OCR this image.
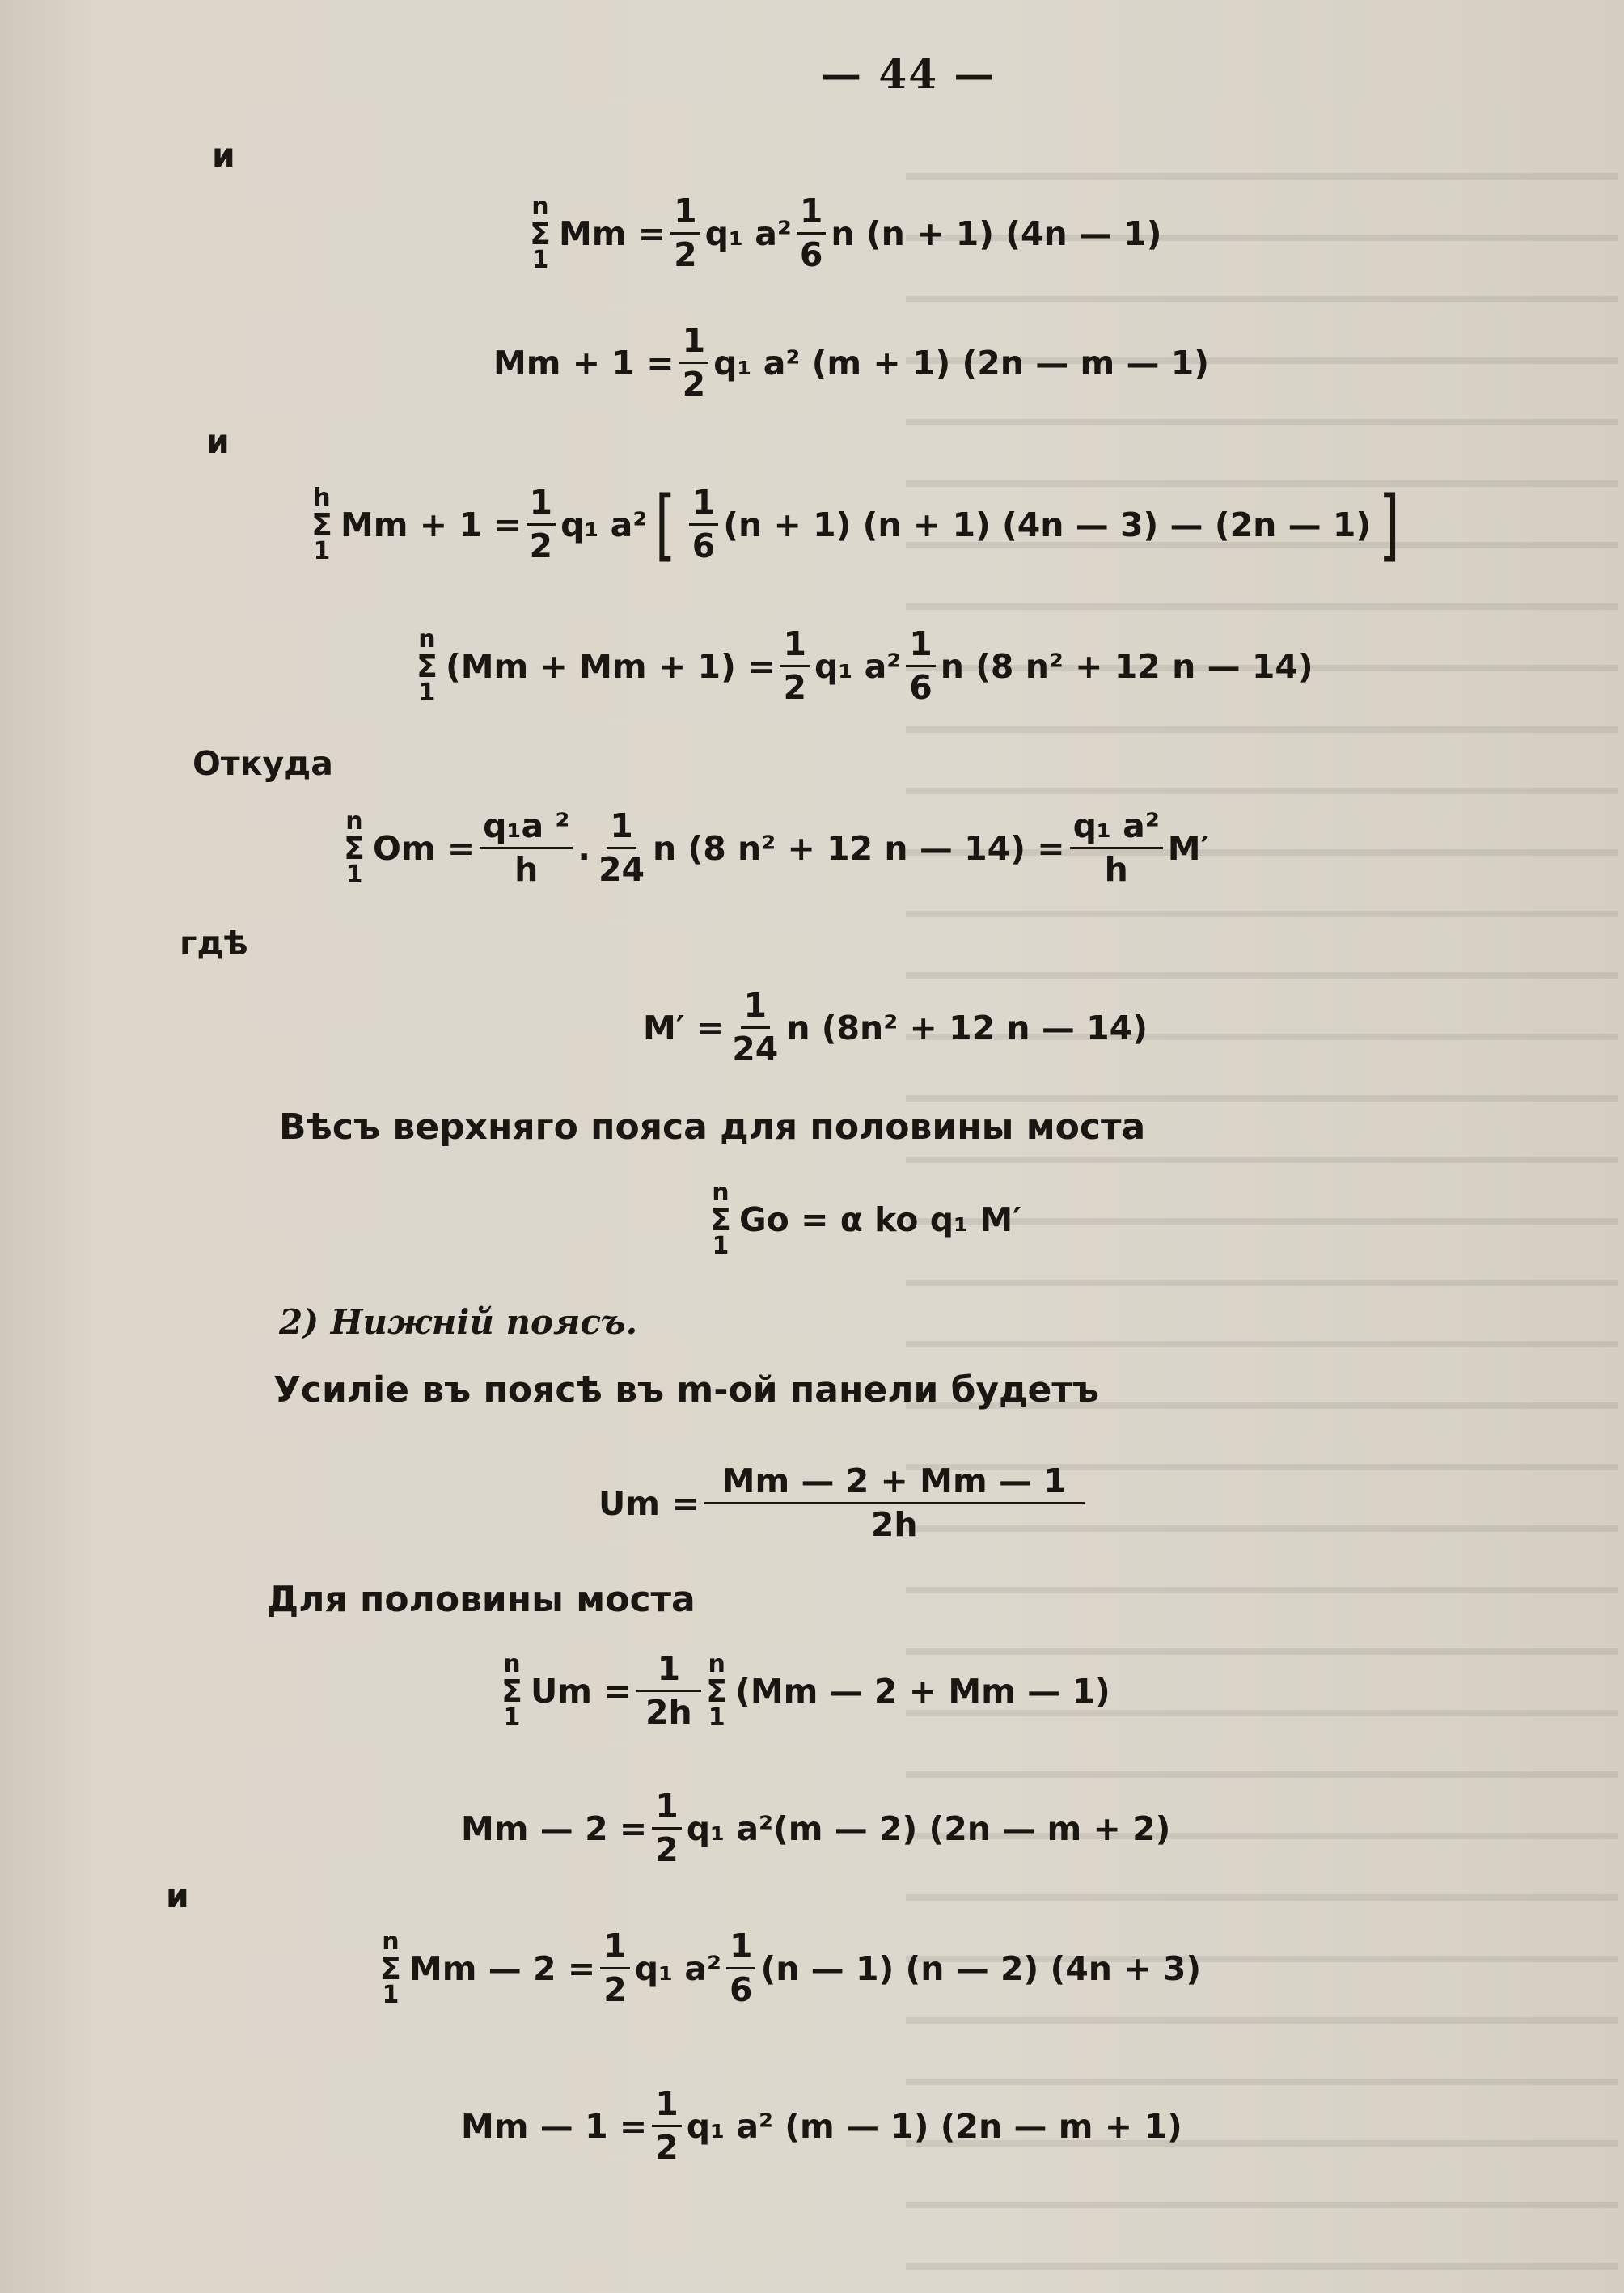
— 44 —
и
n
Σ
1
$Mm = \frac{1}{2} q_1$ $a^2 \frac{1}{6}$ n (n + 1) (4n — 1)
$Mm + 1 = \frac{1}{2} q_1$ a² (m + 1) (2n — m — 1)
и
h
Σ
1
$Mm + 1 = \frac{1}{2} q_1$ a² [ $\frac{1}{6} (n + 1) (n + 1)$ (4n — 3) — (2n — 1) ]
n
Σ
1
$(Mm + Mm + 1) = \frac{1}{2} q_1$ $a^2 \frac{1}{6}$ n (8 n² + 12 n — 14)
Откуда
n
Σ
1
$Om = \frac{\text{q₁a ²}}{h}$ . $\frac{1}{24}$ n (8 n² + 12 n — $14) = \frac{\text{q₁ a²}}{h} M'$
гдѣ
$M' = \frac{1}{24}$ n (8n² + 12 n — 14)
Вѣсъ верхняго пояса для половины моста
n
Σ
1
Go = α ko q₁ M′
2) Нижній поясъ.
Усиліе въ поясѣ въ m-ой панели будетъ
$Um = \frac{Mm — 2 + Mm — 1}{2h}$
Для половины моста
n
Σ
1
$Um = \frac{1}{2h}$ n
Σ
1
(Mm — 2 + Mm — 1)
Mm — $2 = \frac{1}{2} q_1$ a²(m — 2) (2n — m + 2)
и
n
Σ
1
Mm — $2 = \frac{1}{2} q_1$ $a^2 \frac{1}{6} (n$ — 1) (n — 2) (4n + 3)
Mm — $1 = \frac{1}{2} q_1$ a² (m — 1) (2n — m + 1)
